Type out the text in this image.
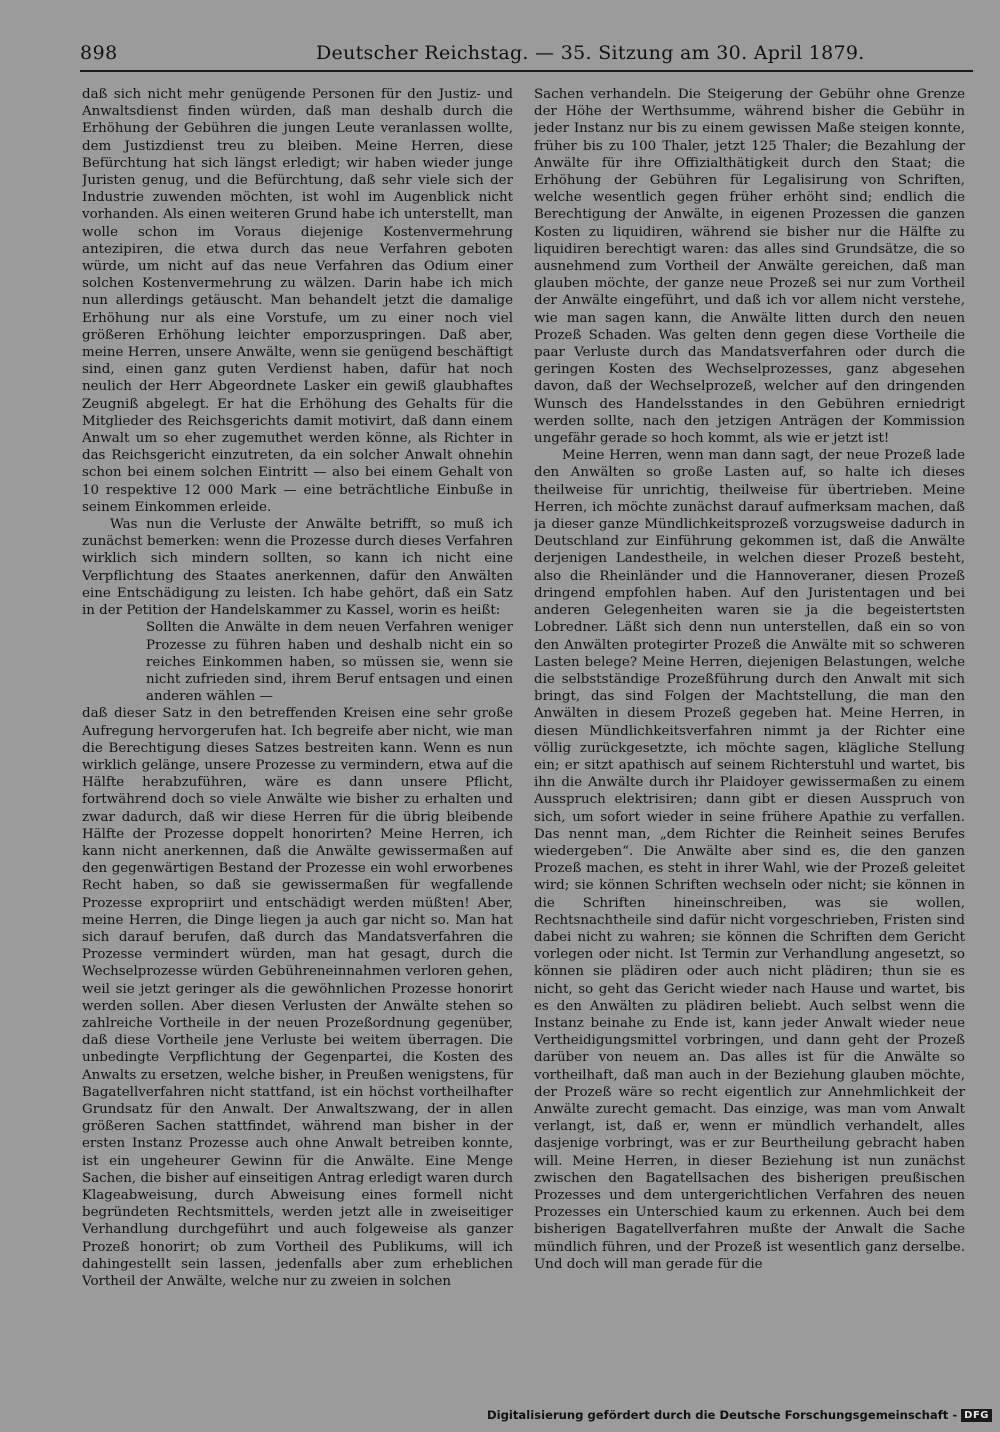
898	Deutscher Reichstag. — 35. Sitzung am 30. April 1879.

daß sich nicht mehr genügende Personen für den Justiz- und Anwaltsdienst finden würden, daß man deshalb durch die Erhöhung der Gebühren die jungen Leute veranlassen wollte, dem Justizdienst treu zu bleiben. Meine Herren, diese Befürchtung hat sich längst erledigt; wir haben wieder junge Juristen genug, und die Befürchtung, daß sehr viele sich der Industrie zuwenden möchten, ist wohl im Augenblick nicht vorhanden. Als einen weiteren Grund habe ich unterstellt, man wolle schon im Voraus diejenige Kostenvermehrung antezipiren, die etwa durch das neue Verfahren geboten würde, um nicht auf das neue Verfahren das Odium einer solchen Kostenvermehrung zu wälzen. Darin habe ich mich nun allerdings getäuscht. Man behandelt jetzt die damalige Erhöhung nur als eine Vorstufe, um zu einer noch viel größeren Erhöhung leichter emporzuspringen. Daß aber, meine Herren, unsere Anwälte, wenn sie genügend beschäftigt sind, einen ganz guten Verdienst haben, dafür hat noch neulich der Herr Abgeordnete Lasker ein gewiß glaubhaftes Zeugniß abgelegt. Er hat die Erhöhung des Gehalts für die Mitglieder des Reichsgerichts damit motivirt, daß dann einem Anwalt um so eher zugemuthet werden könne, als Richter in das Reichsgericht einzutreten, da ein solcher Anwalt ohnehin schon bei einem solchen Eintritt — also bei einem Gehalt von 10 respektive 12 000 Mark — eine beträchtliche Einbuße in seinem Einkommen erleide.

Was nun die Verluste der Anwälte betrifft, so muß ich zunächst bemerken: wenn die Prozesse durch dieses Verfahren wirklich sich mindern sollten, so kann ich nicht eine Verpflichtung des Staates anerkennen, dafür den Anwälten eine Entschädigung zu leisten. Ich habe gehört, daß ein Satz in der Petition der Handelskammer zu Kassel, worin es heißt:

Sollten die Anwälte in dem neuen Verfahren weniger Prozesse zu führen haben und deshalb nicht ein so reiches Einkommen haben, so müssen sie, wenn sie nicht zufrieden sind, ihrem Beruf entsagen und einen anderen wählen —

daß dieser Satz in den betreffenden Kreisen eine sehr große Aufregung hervorgerufen hat. Ich begreife aber nicht, wie man die Berechtigung dieses Satzes bestreiten kann. Wenn es nun wirklich gelänge, unsere Prozesse zu vermindern, etwa auf die Hälfte herabzuführen, wäre es dann unsere Pflicht, fortwährend doch so viele Anwälte wie bisher zu erhalten und zwar dadurch, daß wir diese Herren für die übrig bleibende Hälfte der Prozesse doppelt honorirten? Meine Herren, ich kann nicht anerkennen, daß die Anwälte gewissermaßen auf den gegenwärtigen Bestand der Prozesse ein wohl erworbenes Recht haben, so daß sie gewissermaßen für wegfallende Prozesse expropriirt und entschädigt werden müßten! Aber, meine Herren, die Dinge liegen ja auch gar nicht so. Man hat sich darauf berufen, daß durch das Mandatsverfahren die Prozesse vermindert würden, man hat gesagt, durch die Wechselprozesse würden Gebühreneinnahmen verloren gehen, weil sie jetzt geringer als die gewöhnlichen Prozesse honorirt werden sollen. Aber diesen Verlusten der Anwälte stehen so zahlreiche Vortheile in der neuen Prozeßordnung gegenüber, daß diese Vortheile jene Verluste bei weitem überragen. Die unbedingte Verpflichtung der Gegenpartei, die Kosten des Anwalts zu ersetzen, welche bisher, in Preußen wenigstens, für Bagatellverfahren nicht stattfand, ist ein höchst vortheilhafter Grundsatz für den Anwalt. Der Anwaltszwang, der in allen größeren Sachen stattfindet, während man bisher in der ersten Instanz Prozesse auch ohne Anwalt betreiben konnte, ist ein ungeheurer Gewinn für die Anwälte. Eine Menge Sachen, die bisher auf einseitigen Antrag erledigt waren durch Klageabweisung, durch Abweisung eines formell nicht begründeten Rechtsmittels, werden jetzt alle in zweiseitiger Verhandlung durchgeführt und auch folgeweise als ganzer Prozeß honorirt; ob zum Vortheil des Publikums, will ich dahingestellt sein lassen, jedenfalls aber zum erheblichen Vortheil der Anwälte, welche nur zu zweien in solchen

Sachen verhandeln. Die Steigerung der Gebühr ohne Grenze der Höhe der Werthsumme, während bisher die Gebühr in jeder Instanz nur bis zu einem gewissen Maße steigen konnte, früher bis zu 100 Thaler, jetzt 125 Thaler; die Bezahlung der Anwälte für ihre Offizialthätigkeit durch den Staat; die Erhöhung der Gebühren für Legalisirung von Schriften, welche wesentlich gegen früher erhöht sind; endlich die Berechtigung der Anwälte, in eigenen Prozessen die ganzen Kosten zu liquidiren, während sie bisher nur die Hälfte zu liquidiren berechtigt waren: das alles sind Grundsätze, die so ausnehmend zum Vortheil der Anwälte gereichen, daß man glauben möchte, der ganze neue Prozeß sei nur zum Vortheil der Anwälte eingeführt, und daß ich vor allem nicht verstehe, wie man sagen kann, die Anwälte litten durch den neuen Prozeß Schaden. Was gelten denn gegen diese Vortheile die paar Verluste durch das Mandatsverfahren oder durch die geringen Kosten des Wechselprozesses, ganz abgesehen davon, daß der Wechselprozeß, welcher auf den dringenden Wunsch des Handelsstandes in den Gebühren erniedrigt werden sollte, nach den jetzigen Anträgen der Kommission ungefähr gerade so hoch kommt, als wie er jetzt ist!

Meine Herren, wenn man dann sagt, der neue Prozeß lade den Anwälten so große Lasten auf, so halte ich dieses theilweise für unrichtig, theilweise für übertrieben. Meine Herren, ich möchte zunächst darauf aufmerksam machen, daß ja dieser ganze Mündlichkeitsprozeß vorzugsweise dadurch in Deutschland zur Einführung gekommen ist, daß die Anwälte derjenigen Landestheile, in welchen dieser Prozeß besteht, also die Rheinländer und die Hannoveraner, diesen Prozeß dringend empfohlen haben. Auf den Juristentagen und bei anderen Gelegenheiten waren sie ja die begeistertsten Lobredner. Läßt sich denn nun unterstellen, daß ein so von den Anwälten protegirter Prozeß die Anwälte mit so schweren Lasten belege? Meine Herren, diejenigen Belastungen, welche die selbstständige Prozeßführung durch den Anwalt mit sich bringt, das sind Folgen der Machtstellung, die man den Anwälten in diesem Prozeß gegeben hat. Meine Herren, in diesen Mündlichkeitsverfahren nimmt ja der Richter eine völlig zurückgesetzte, ich möchte sagen, klägliche Stellung ein; er sitzt apathisch auf seinem Richterstuhl und wartet, bis ihn die Anwälte durch ihr Plaidoyer gewissermaßen zu einem Ausspruch elektrisiren; dann gibt er diesen Ausspruch von sich, um sofort wieder in seine frühere Apathie zu verfallen. Das nennt man, „dem Richter die Reinheit seines Berufes wiedergeben“. Die Anwälte aber sind es, die den ganzen Prozeß machen, es steht in ihrer Wahl, wie der Prozeß geleitet wird; sie können Schriften wechseln oder nicht; sie können in die Schriften hineinschreiben, was sie wollen, Rechtsnachtheile sind dafür nicht vorgeschrieben, Fristen sind dabei nicht zu wahren; sie können die Schriften dem Gericht vorlegen oder nicht. Ist Termin zur Verhandlung angesetzt, so können sie plädiren oder auch nicht plädiren; thun sie es nicht, so geht das Gericht wieder nach Hause und wartet, bis es den Anwälten zu plädiren beliebt. Auch selbst wenn die Instanz beinahe zu Ende ist, kann jeder Anwalt wieder neue Vertheidigungsmittel vorbringen, und dann geht der Prozeß darüber von neuem an. Das alles ist für die Anwälte so vortheilhaft, daß man auch in der Beziehung glauben möchte, der Prozeß wäre so recht eigentlich zur Annehmlichkeit der Anwälte zurecht gemacht. Das einzige, was man vom Anwalt verlangt, ist, daß er, wenn er mündlich verhandelt, alles dasjenige vorbringt, was er zur Beurtheilung gebracht haben will. Meine Herren, in dieser Beziehung ist nun zunächst zwischen den Bagatellsachen des bisherigen preußischen Prozesses und dem untergerichtlichen Verfahren des neuen Prozesses ein Unterschied kaum zu erkennen. Auch bei dem bisherigen Bagatellverfahren mußte der Anwalt die Sache mündlich führen, und der Prozeß ist wesentlich ganz derselbe. Und doch will man gerade für die

Digitalisierung gefördert durch die Deutsche Forschungsgemeinschaft - DFG
